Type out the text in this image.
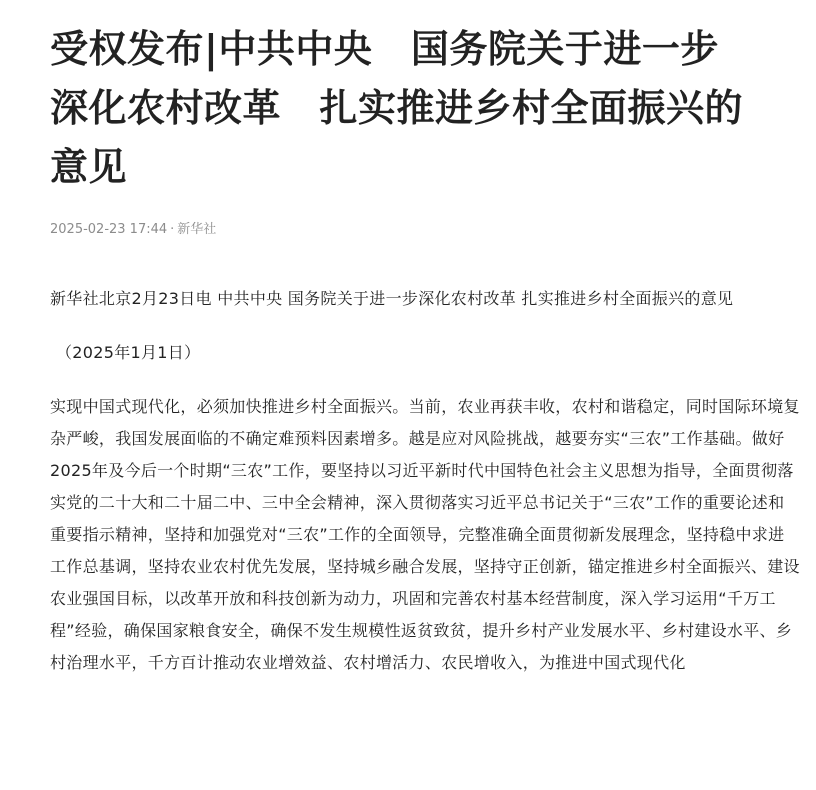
受权发布|中共中央　国务院关于进一步
深化农村改革　扎实推进乡村全面振兴的
意见
2025-02-23 17:44 · 新华社

新华社北京2月23日电 中共中央 国务院关于进一步深化农村改革 扎实推进乡村全面振兴的意见

（2025年1月1日）

实现中国式现代化，必须加快推进乡村全面振兴。当前，农业再获丰收，农村和谐稳定，同时国际环境复杂严峻，我国发展面临的不确定难预料因素增多。越是应对风险挑战，越要夯实“三农”工作基础。做好2025年及今后一个时期“三农”工作，要坚持以习近平新时代中国特色社会主义思想为指导，全面贯彻落实党的二十大和二十届二中、三中全会精神，深入贯彻落实习近平总书记关于“三农”工作的重要论述和重要指示精神，坚持和加强党对“三农”工作的全面领导，完整准确全面贯彻新发展理念，坚持稳中求进工作总基调，坚持农业农村优先发展，坚持城乡融合发展，坚持守正创新，锚定推进乡村全面振兴、建设农业强国目标，以改革开放和科技创新为动力，巩固和完善农村基本经营制度，深入学习运用“千万工程”经验，确保国家粮食安全，确保不发生规模性返贫致贫，提升乡村产业发展水平、乡村建设水平、乡村治理水平，千方百计推动农业增效益、农村增活力、农民增收入，为推进中国式现代化
